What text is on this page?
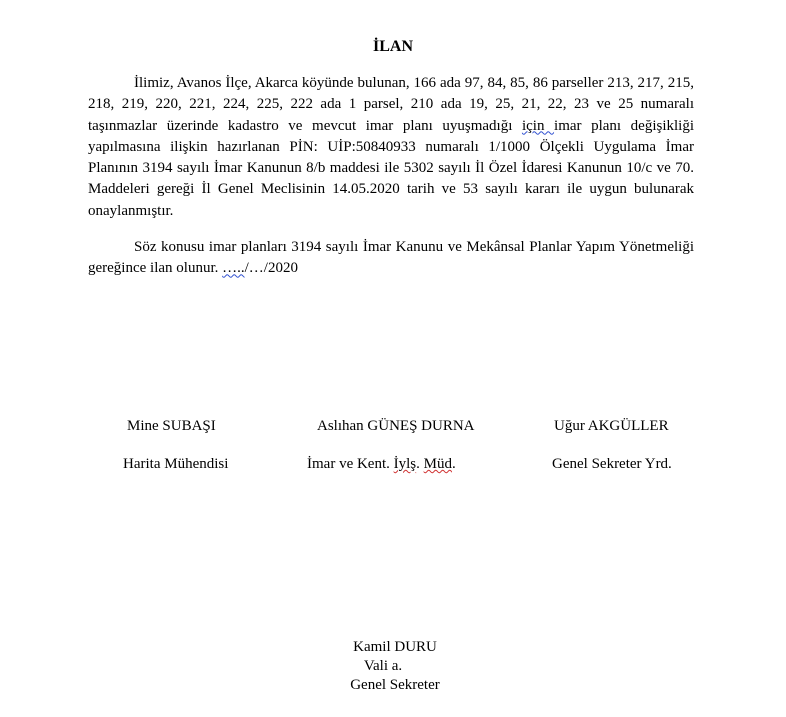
İLAN

İlimiz, Avanos İlçe, Akarca köyünde bulunan, 166 ada 97, 84, 85, 86 parseller 213, 217, 215, 218, 219, 220, 221, 224, 225, 222 ada 1 parsel, 210 ada 19, 25, 21, 22, 23 ve 25 numaralı taşınmazlar üzerinde kadastro ve mevcut imar planı uyuşmadığı için imar planı değişikliği yapılmasına ilişkin hazırlanan PİN: UİP:50840933 numaralı 1/1000 Ölçekli Uygulama İmar Planının 3194 sayılı İmar Kanunun 8/b maddesi ile 5302 sayılı İl Özel İdaresi Kanunun 10/c ve 70. Maddeleri gereği İl Genel Meclisinin 14.05.2020 tarih ve 53 sayılı kararı ile uygun bulunarak onaylanmıştır.

Söz konusu imar planları 3194 sayılı İmar Kanunu ve Mekânsal Planlar Yapım Yönetmeliği gereğince ilan olunur. …../…/2020

Mine SUBAŞI
Harita Mühendisi
Aslıhan GÜNEŞ DURNA
İmar ve Kent. İylş. Müd.
Uğur AKGÜLLER
Genel Sekreter Yrd.
Kamil DURU
Vali a.
Genel Sekreter
